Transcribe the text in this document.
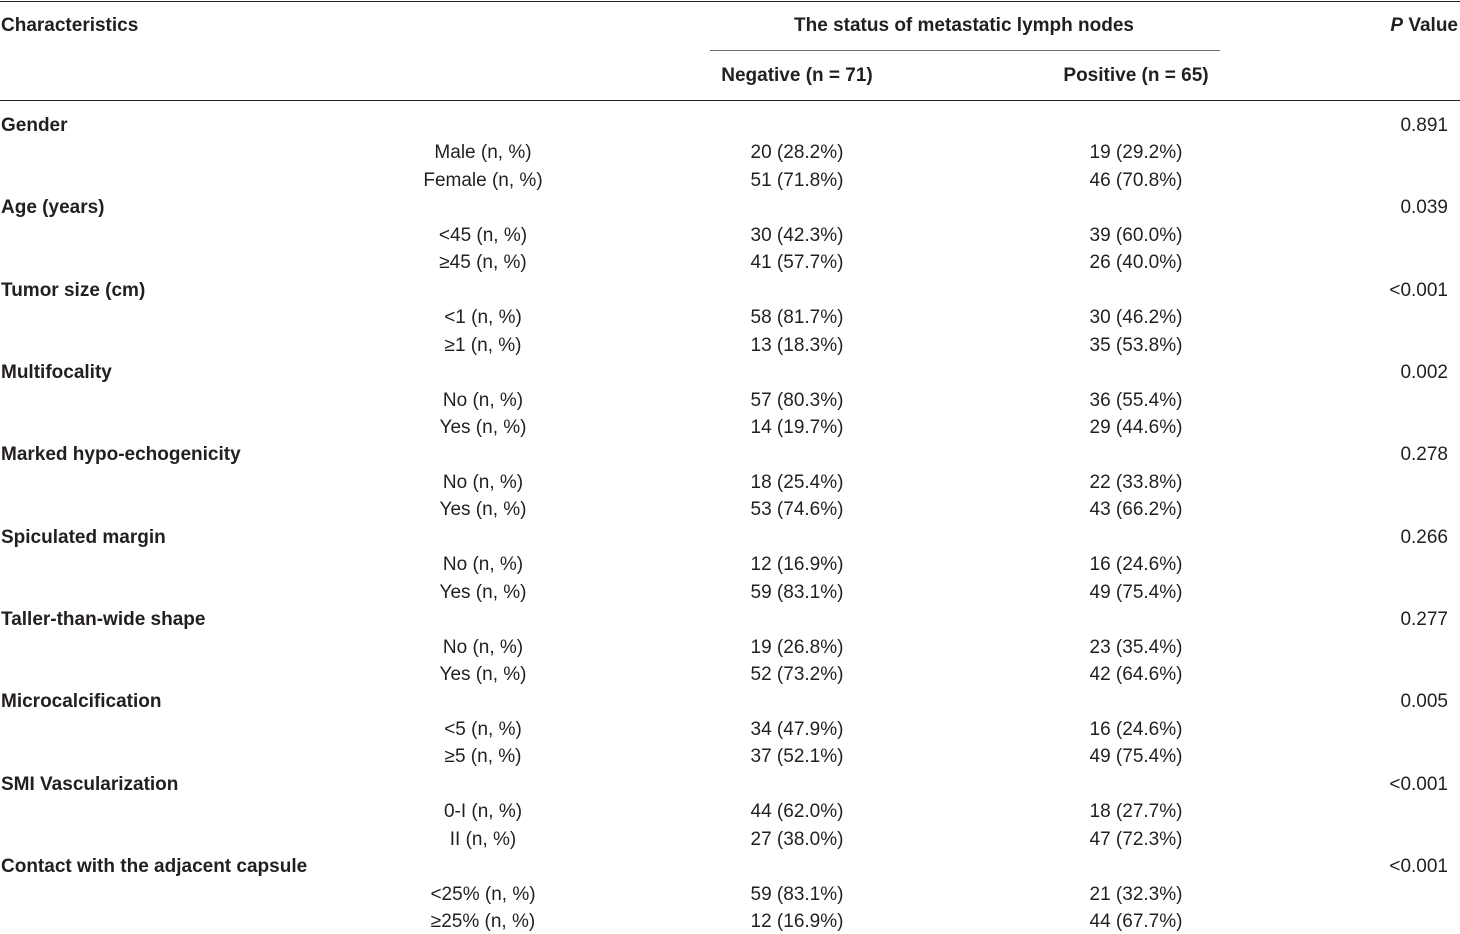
Characteristics	The status of metastatic lymph nodes	P Value
Negative (n = 71)	Positive (n = 65)
Gender	0.891
Male (n, %)	20 (28.2%)	19 (29.2%)
Female (n, %)	51 (71.8%)	46 (70.8%)
Age (years)	0.039
<45 (n, %)	30 (42.3%)	39 (60.0%)
≥45 (n, %)	41 (57.7%)	26 (40.0%)
Tumor size (cm)	<0.001
<1 (n, %)	58 (81.7%)	30 (46.2%)
≥1 (n, %)	13 (18.3%)	35 (53.8%)
Multifocality	0.002
No (n, %)	57 (80.3%)	36 (55.4%)
Yes (n, %)	14 (19.7%)	29 (44.6%)
Marked hypo-echogenicity	0.278
No (n, %)	18 (25.4%)	22 (33.8%)
Yes (n, %)	53 (74.6%)	43 (66.2%)
Spiculated margin	0.266
No (n, %)	12 (16.9%)	16 (24.6%)
Yes (n, %)	59 (83.1%)	49 (75.4%)
Taller-than-wide shape	0.277
No (n, %)	19 (26.8%)	23 (35.4%)
Yes (n, %)	52 (73.2%)	42 (64.6%)
Microcalcification	0.005
<5 (n, %)	34 (47.9%)	16 (24.6%)
≥5 (n, %)	37 (52.1%)	49 (75.4%)
SMI Vascularization	<0.001
0-I (n, %)	44 (62.0%)	18 (27.7%)
II (n, %)	27 (38.0%)	47 (72.3%)
Contact with the adjacent capsule	<0.001
<25% (n, %)	59 (83.1%)	21 (32.3%)
≥25% (n, %)	12 (16.9%)	44 (67.7%)
